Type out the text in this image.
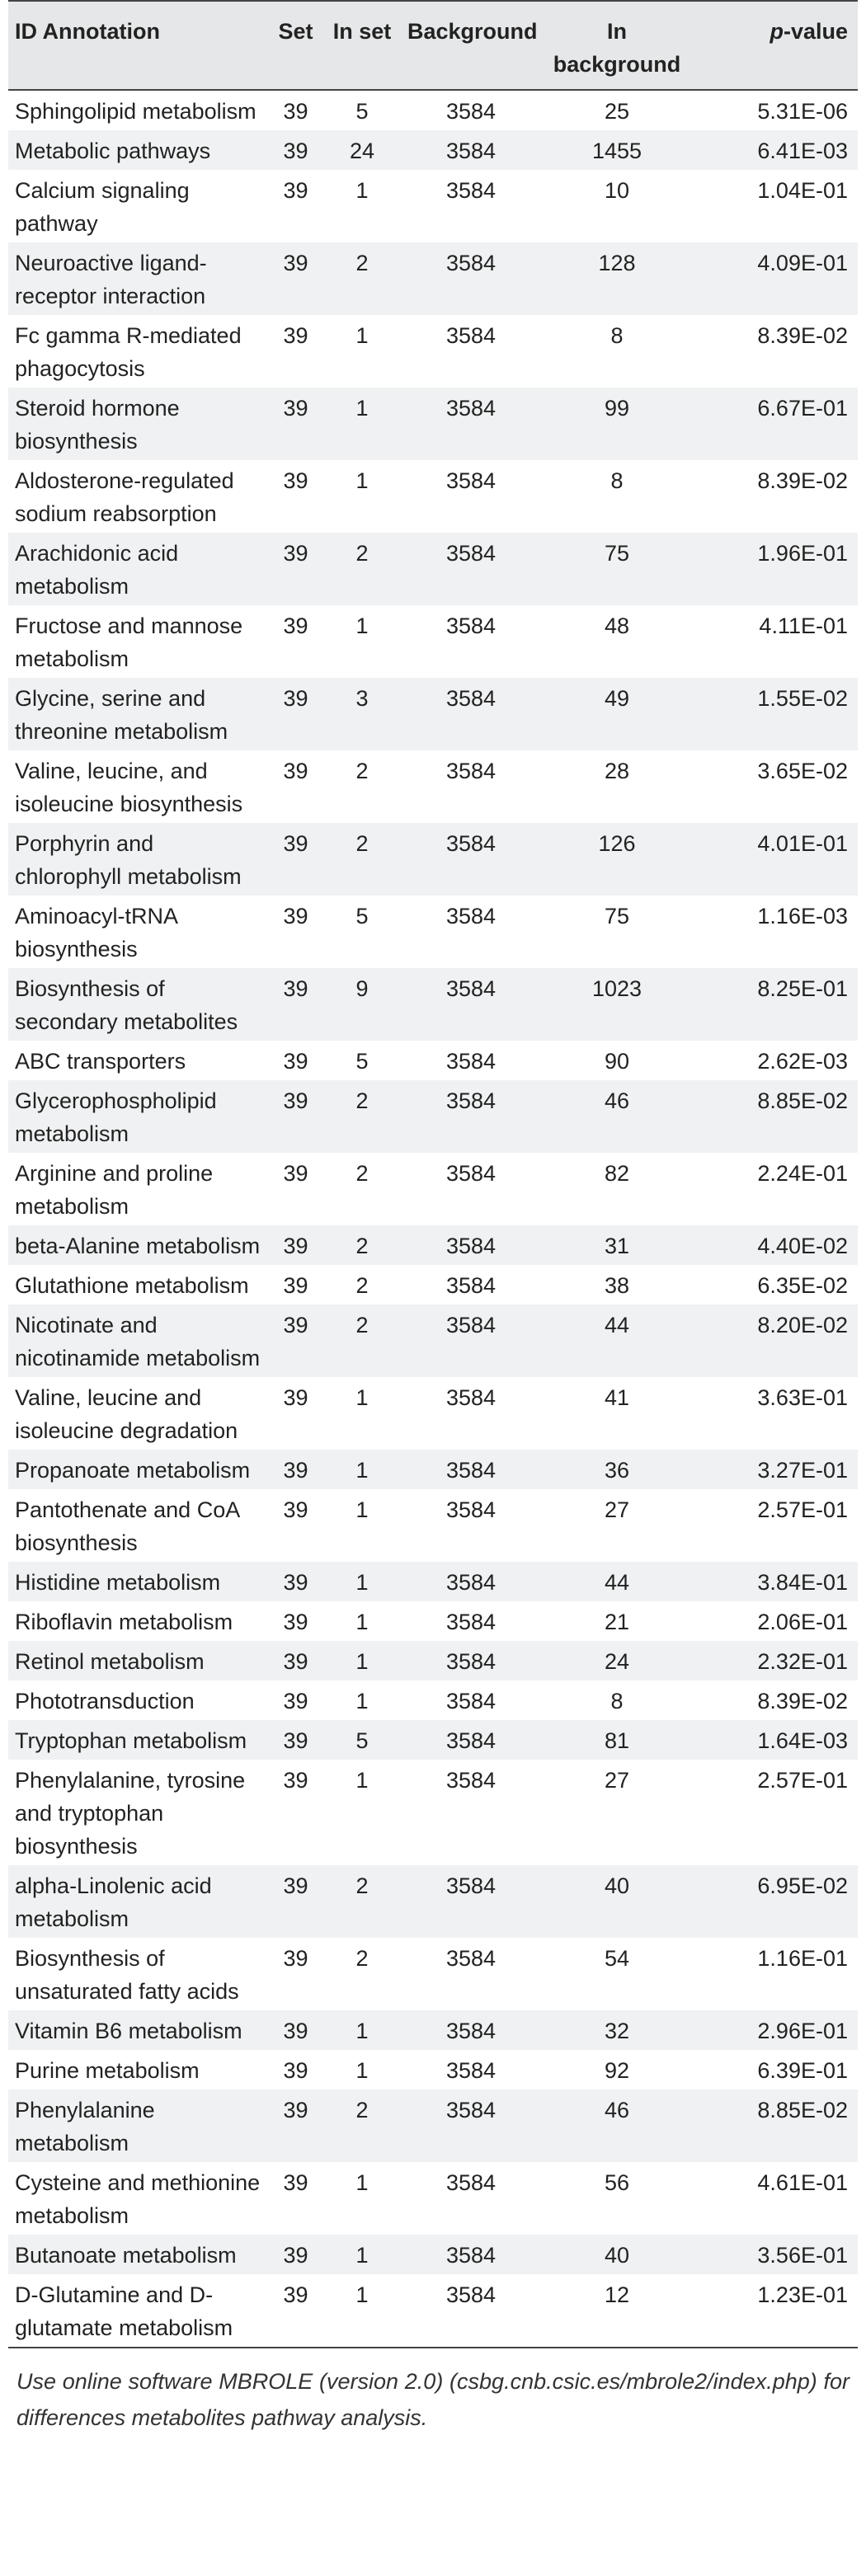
ID Annotation	Set	In set	Background	In background	p-value
Sphingolipid metabolism	39	5	3584	25	5.31E-06
Metabolic pathways	39	24	3584	1455	6.41E-03
Calcium signaling pathway	39	1	3584	10	1.04E-01
Neuroactive ligand-receptor interaction	39	2	3584	128	4.09E-01
Fc gamma R-mediated phagocytosis	39	1	3584	8	8.39E-02
Steroid hormone biosynthesis	39	1	3584	99	6.67E-01
Aldosterone-regulated sodium reabsorption	39	1	3584	8	8.39E-02
Arachidonic acid metabolism	39	2	3584	75	1.96E-01
Fructose and mannose metabolism	39	1	3584	48	4.11E-01
Glycine, serine and threonine metabolism	39	3	3584	49	1.55E-02
Valine, leucine, and isoleucine biosynthesis	39	2	3584	28	3.65E-02
Porphyrin and chlorophyll metabolism	39	2	3584	126	4.01E-01
Aminoacyl-tRNA biosynthesis	39	5	3584	75	1.16E-03
Biosynthesis of secondary metabolites	39	9	3584	1023	8.25E-01
ABC transporters	39	5	3584	90	2.62E-03
Glycerophospholipid metabolism	39	2	3584	46	8.85E-02
Arginine and proline metabolism	39	2	3584	82	2.24E-01
beta-Alanine metabolism	39	2	3584	31	4.40E-02
Glutathione metabolism	39	2	3584	38	6.35E-02
Nicotinate and nicotinamide metabolism	39	2	3584	44	8.20E-02
Valine, leucine and isoleucine degradation	39	1	3584	41	3.63E-01
Propanoate metabolism	39	1	3584	36	3.27E-01
Pantothenate and CoA biosynthesis	39	1	3584	27	2.57E-01
Histidine metabolism	39	1	3584	44	3.84E-01
Riboflavin metabolism	39	1	3584	21	2.06E-01
Retinol metabolism	39	1	3584	24	2.32E-01
Phototransduction	39	1	3584	8	8.39E-02
Tryptophan metabolism	39	5	3584	81	1.64E-03
Phenylalanine, tyrosine and tryptophan biosynthesis	39	1	3584	27	2.57E-01
alpha-Linolenic acid metabolism	39	2	3584	40	6.95E-02
Biosynthesis of unsaturated fatty acids	39	2	3584	54	1.16E-01
Vitamin B6 metabolism	39	1	3584	32	2.96E-01
Purine metabolism	39	1	3584	92	6.39E-01
Phenylalanine metabolism	39	2	3584	46	8.85E-02
Cysteine and methionine metabolism	39	1	3584	56	4.61E-01
Butanoate metabolism	39	1	3584	40	3.56E-01
D-Glutamine and D-glutamate metabolism	39	1	3584	12	1.23E-01
Use online software MBROLE (version 2.0) (csbg.cnb.csic.es/mbrole2/index.php) for differences metabolites pathway analysis.
